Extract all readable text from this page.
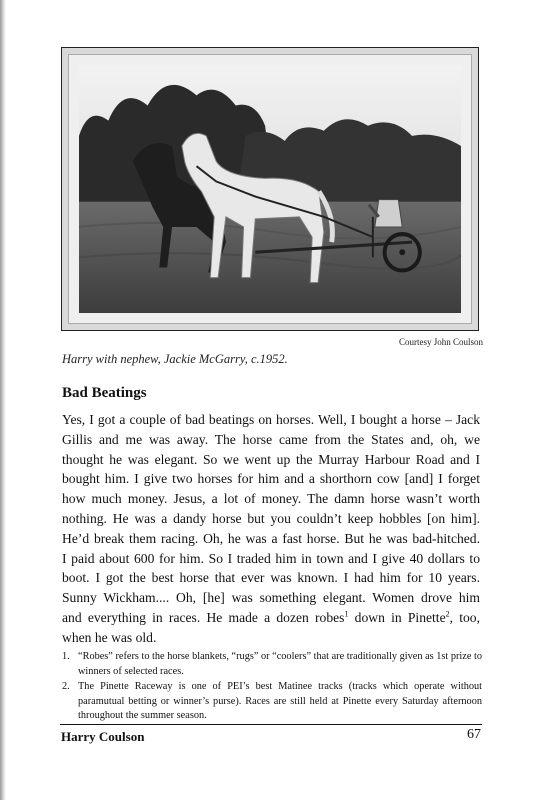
Courtesy John Coulson
Harry with nephew, Jackie McGarry, c.1952.
Bad Beatings

Yes, I got a couple of bad beatings on horses. Well, I bought a horse – Jack
Gillis and me was away. The horse came from the States and, oh, we
thought he was elegant. So we went up the Murray Harbour Road and I
bought him. I give two horses for him and a shorthorn cow [and] I forget
how much money. Jesus, a lot of money. The damn horse wasn’t worth
nothing. He was a dandy horse but you couldn’t keep hobbles [on him].
He’d break them racing. Oh, he was a fast horse. But he was bad-hitched.
I paid about 600 for him. So I traded him in town and I give 40 dollars to
boot. I got the best horse that ever was known. I had him for 10 years.
Sunny Wickham.... Oh, [he] was something elegant. Women drove him
and everything in races. He made a dozen robes$^1$ down in Pinette$^2$, too,
when he was old.

1. “Robes” refers to the horse blankets, “rugs” or “coolers” that are traditionally given as 1st prize to winners of selected races.
2. The Pinette Raceway is one of PEI’s best Matinee tracks (tracks which operate without paramutual betting or winner’s purse). Races are still held at Pinette every Saturday afternoon throughout the summer season.
Harry Coulson	67
